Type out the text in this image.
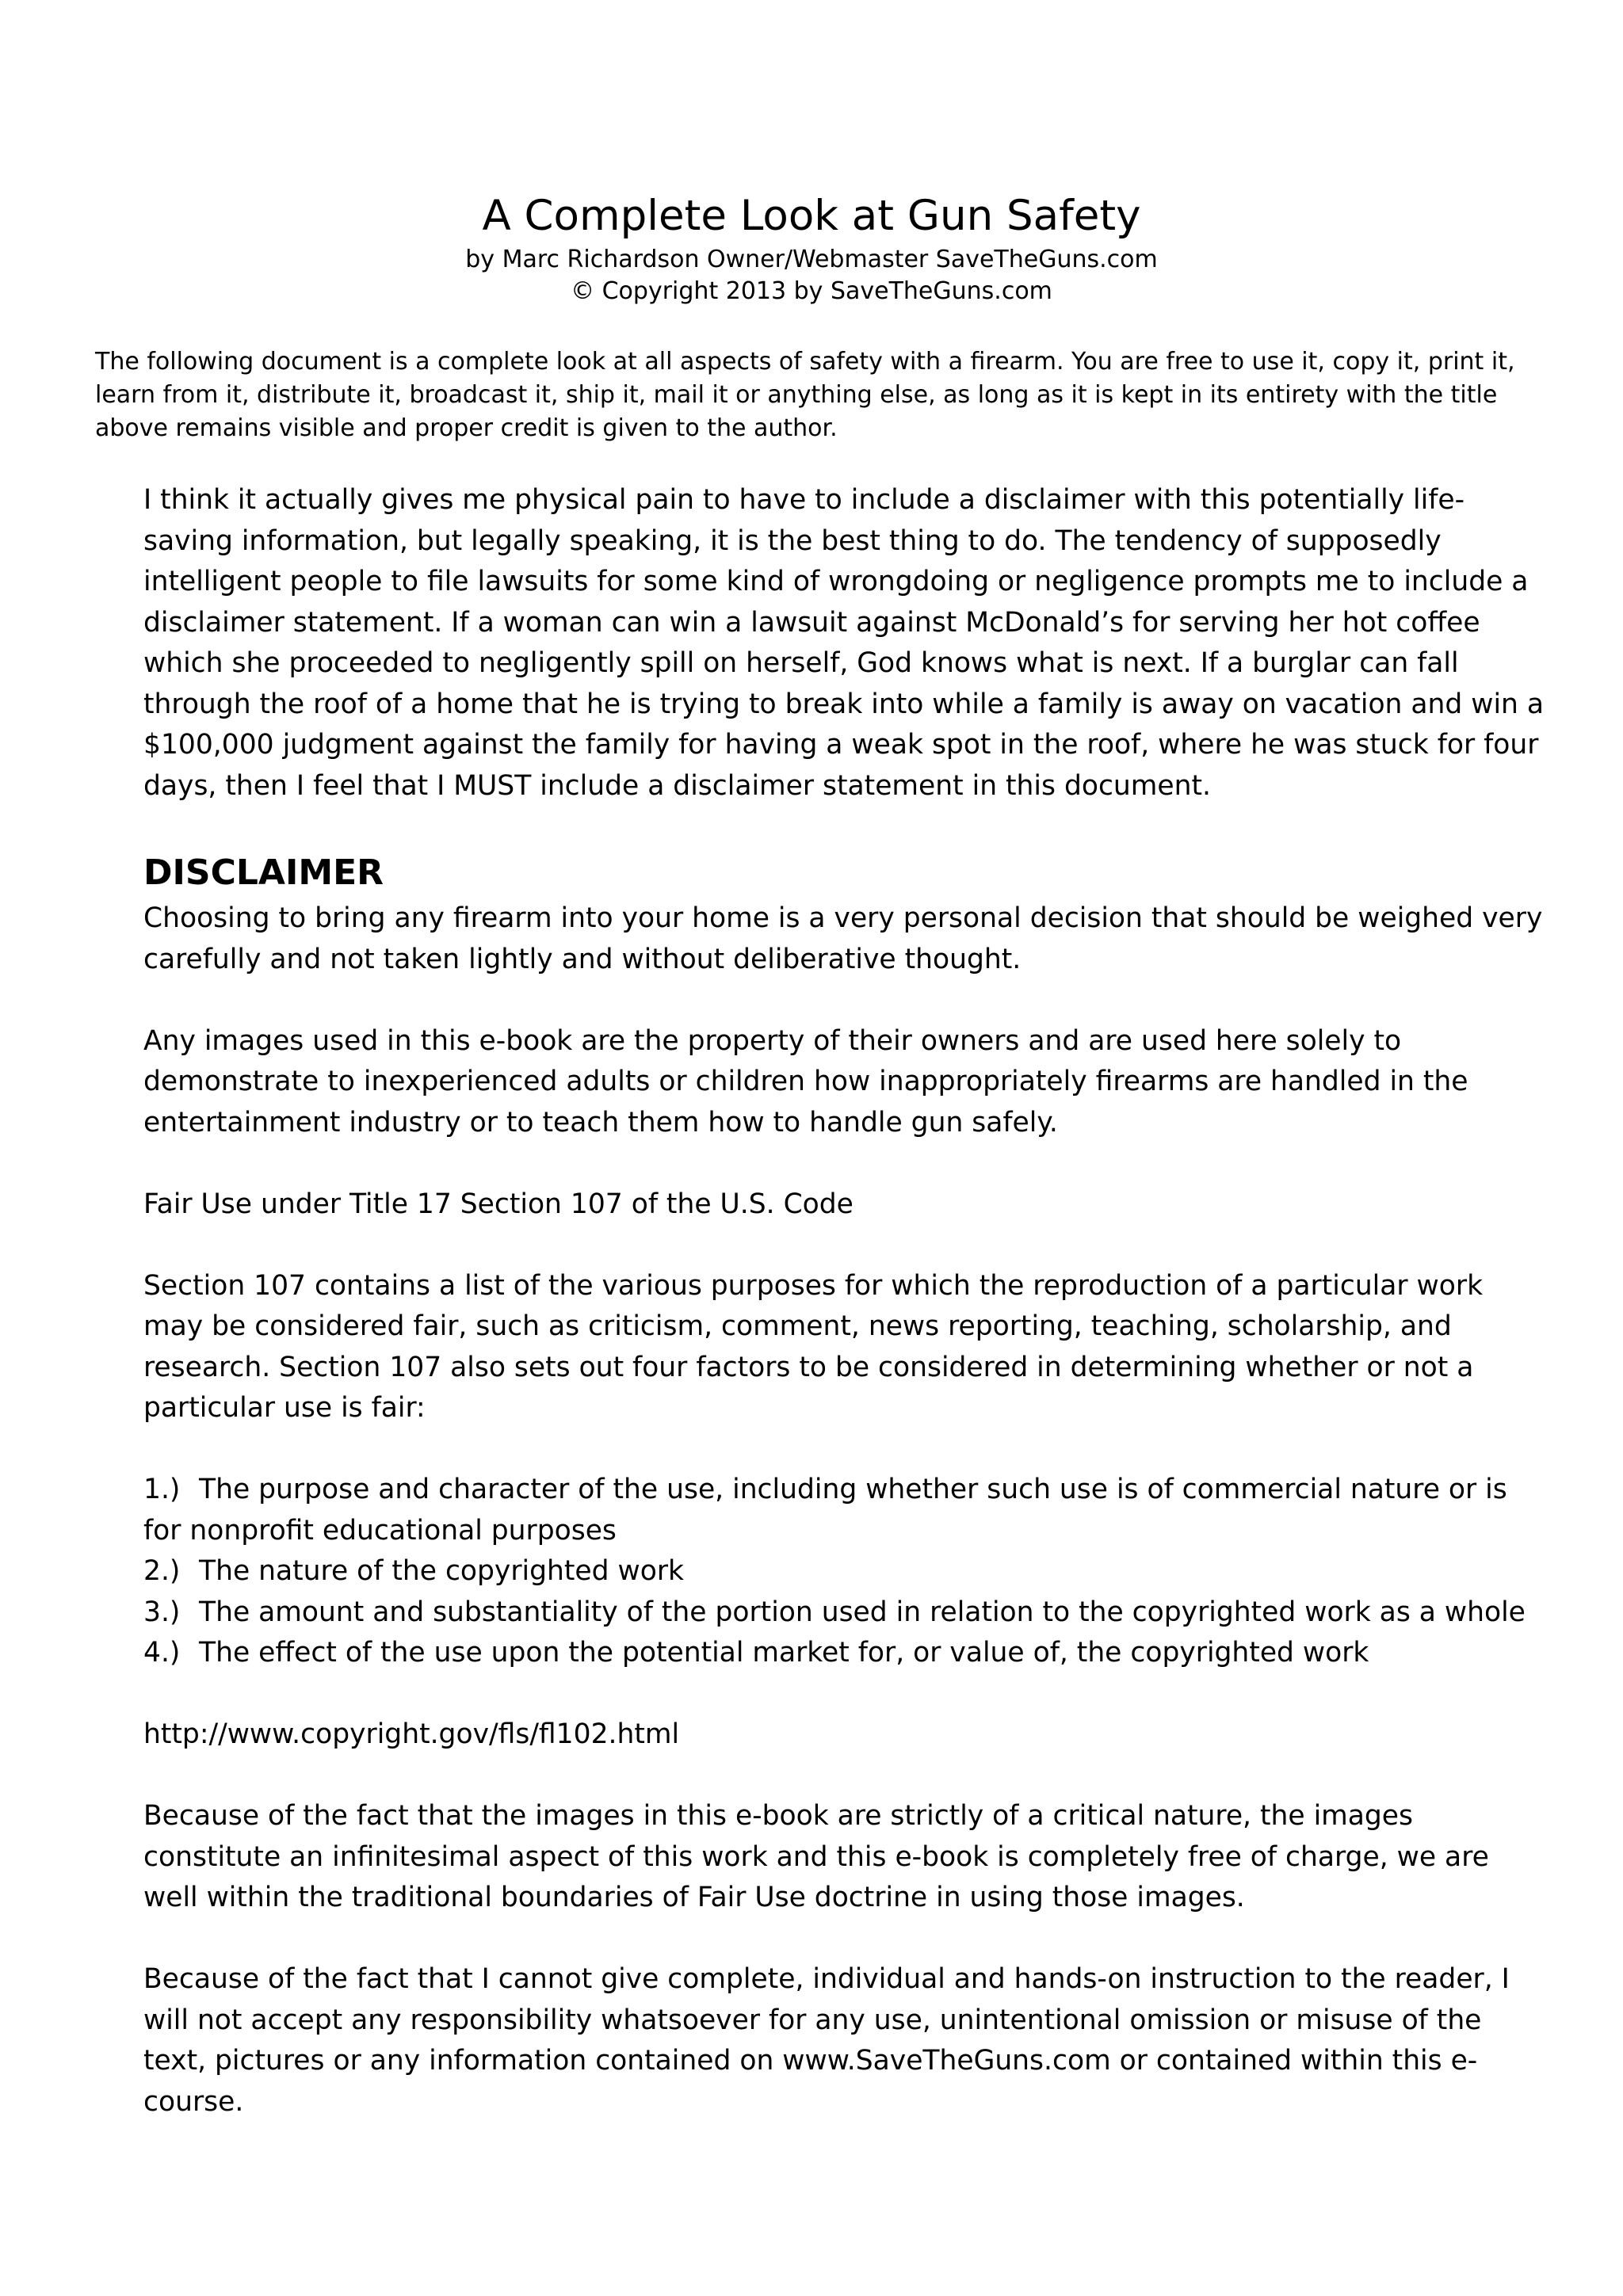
A Complete Look at Gun Safety

by Marc Richardson Owner/Webmaster SaveTheGuns.com

© Copyright 2013 by SaveTheGuns.com

The following document is a complete look at all aspects of safety with a firearm. You are free to use it, copy it, print it, learn from it, distribute it, broadcast it, ship it, mail it or anything else, as long as it is kept in its entirety with the title above remains visible and proper credit is given to the author.

I think it actually gives me physical pain to have to include a disclaimer with this potentially life-saving information, but legally speaking, it is the best thing to do. The tendency of supposedly intelligent people to file lawsuits for some kind of wrongdoing or negligence prompts me to include a disclaimer statement. If a woman can win a lawsuit against McDonald’s for serving her hot coffee which she proceeded to negligently spill on herself, God knows what is next. If a burglar can fall through the roof of a home that he is trying to break into while a family is away on vacation and win a $100,000 judgment against the family for having a weak spot in the roof, where he was stuck for four days, then I feel that I MUST include a disclaimer statement in this document.

DISCLAIMER

Choosing to bring any firearm into your home is a very personal decision that should be weighed very carefully and not taken lightly and without deliberative thought.

Any images used in this e-book are the property of their owners and are used here solely to demonstrate to inexperienced adults or children how inappropriately firearms are handled in the entertainment industry or to teach them how to handle gun safely.

Fair Use under Title 17 Section 107 of the U.S. Code

Section 107 contains a list of the various purposes for which the reproduction of a particular work may be considered fair, such as criticism, comment, news reporting, teaching, scholarship, and research. Section 107 also sets out four factors to be considered in determining whether or not a particular use is fair:

1.) The purpose and character of the use, including whether such use is of commercial nature or is for nonprofit educational purposes
2.) The nature of the copyrighted work
3.) The amount and substantiality of the portion used in relation to the copyrighted work as a whole
4.) The effect of the use upon the potential market for, or value of, the copyrighted work

http://www.copyright.gov/fls/fl102.html

Because of the fact that the images in this e-book are strictly of a critical nature, the images constitute an infinitesimal aspect of this work and this e-book is completely free of charge, we are well within the traditional boundaries of Fair Use doctrine in using those images.

Because of the fact that I cannot give complete, individual and hands-on instruction to the reader, I will not accept any responsibility whatsoever for any use, unintentional omission or misuse of the text, pictures or any information contained on www.SaveTheGuns.com or contained within this e-course.
